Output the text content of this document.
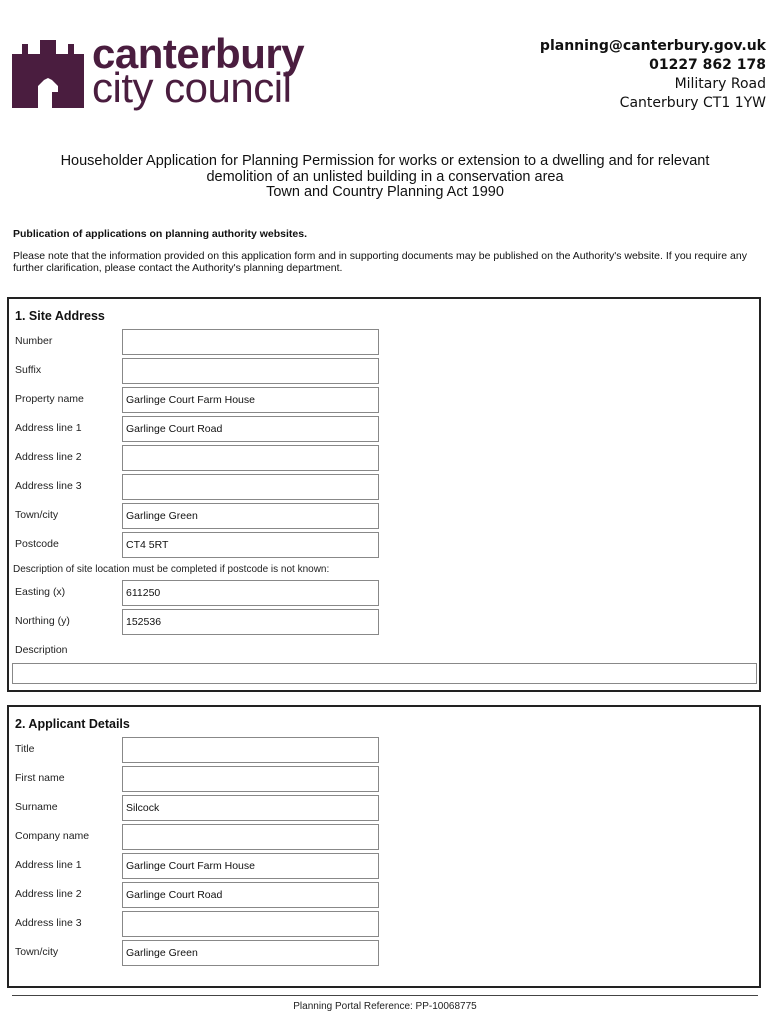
canterbury
city council
planning@canterbury.gov.uk
01227 862 178
Military Road
Canterbury CT1 1YW
Householder Application for Planning Permission for works or extension to a dwelling and for relevant
demolition of an unlisted building in a conservation area
Town and Country Planning Act 1990
Publication of applications on planning authority websites.
Please note that the information provided on this application form and in supporting documents may be published on the Authority's website. If you require any further clarification, please contact the Authority's planning department.
1. Site Address
Number
Suffix
Property name	Garlinge Court Farm House
Address line 1	Garlinge Court Road
Address line 2
Address line 3
Town/city	Garlinge Green
Postcode	CT4 5RT
Description of site location must be completed if postcode is not known:
Easting (x)	611250
Northing (y)	152536
Description
2. Applicant Details
Title
First name
Surname	Silcock
Company name
Address line 1	Garlinge Court Farm House
Address line 2	Garlinge Court Road
Address line 3
Town/city	Garlinge Green
Planning Portal Reference: PP-10068775
